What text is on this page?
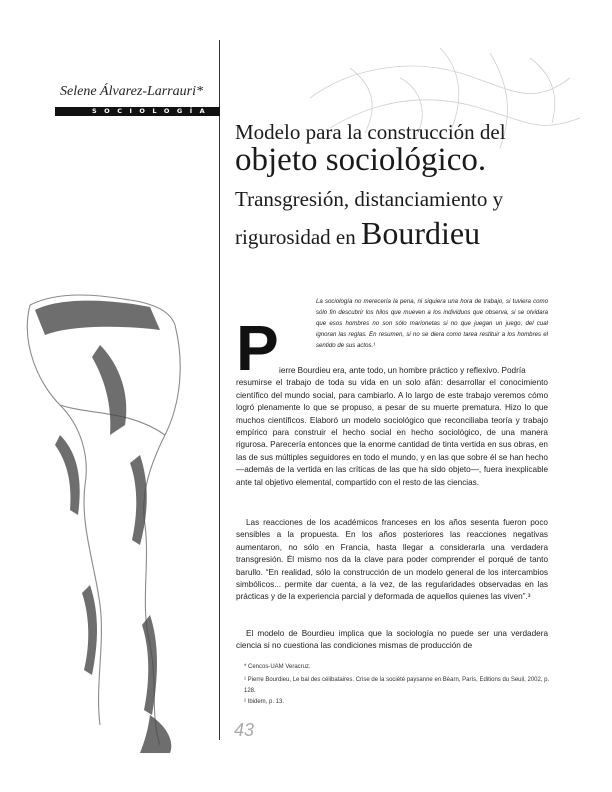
Selene Álvarez-Larrauri*
SOCIOLOGÍA
Modelo para la construcción del
objeto sociológico.
Transgresión, distanciamiento y
rigurosidad en Bourdieu
La sociología no merecería la pena, ni siquiera una hora de trabajo, si tuviera como sólo fin descubrir los hilos que mueven a los individuos que observa, si se olvidara que esos hombres no son sólo marionetas si no que juegan un juego, del cual ignoran las reglas. En resumen, si no se diera como tarea restituir a los hombres el sentido de sus actos.¹
P ierre Bourdieu era, ante todo, un hombre práctico y reflexivo. Podría
resumirse el trabajo de toda su vida en un solo afán: desarrollar el conocimiento científico del mundo social, para cambiarlo. A lo largo de este trabajo veremos cómo logró plenamente lo que se propuso, a pesar de su muerte prematura. Hizo lo que muchos científicos. Elaboró un modelo sociológico que reconciliaba teoría y trabajo empírico para construir el hecho social en hecho sociológico, de una manera rigurosa. Parecería entonces que la enorme cantidad de tinta vertida en sus obras, en las de sus múltiples seguidores en todo el mundo, y en las que sobre él se han hecho —además de la vertida en las críticas de las que ha sido objeto—, fuera inexplicable ante tal objetivo elemental, compartido con el resto de las ciencias.
Las reacciones de los académicos franceses en los años sesenta fueron poco sensibles a la propuesta. En los años posteriores las reacciones negativas aumentaron, no sólo en Francia, hasta llegar a considerarla una verdadera transgresión. Él mismo nos da la clave para poder comprender el porqué de tanto barullo. “En realidad, sólo la construcción de un modelo general de los intercambios simbólicos... permite dar cuenta, a la vez, de las regularidades observadas en las prácticas y de la experiencia parcial y deformada de aquellos quienes las viven”.³
El modelo de Bourdieu implica que la sociología no puede ser una verdadera ciencia si no cuestiona las condiciones mismas de producción de
* Cencos-UAM Veracruz.
¹ Pierre Bourdieu, Le bal des célibataires. Crise de la société paysanne en Béarn, París, Editions du Seuil, 2002, p. 128.
² Ibidem, p. 13.
43
